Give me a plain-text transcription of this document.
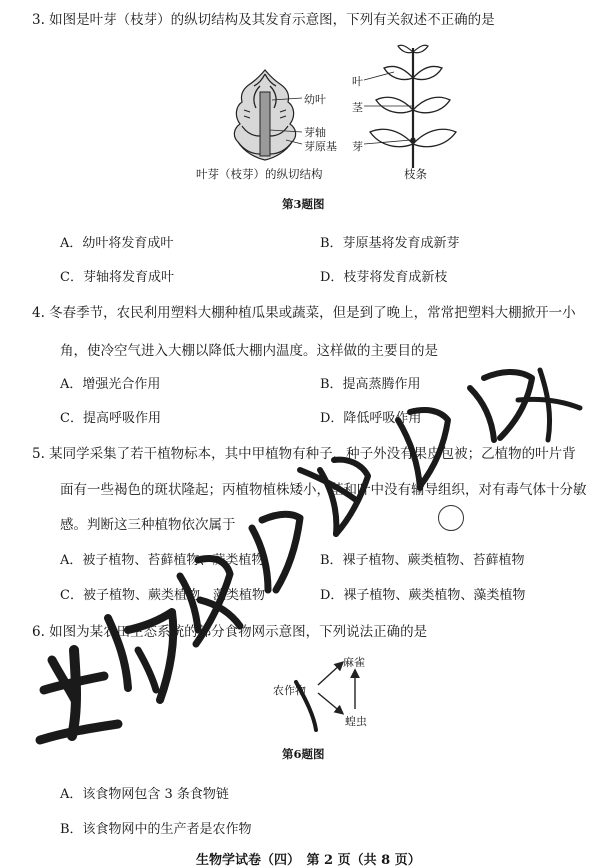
3. 如图是叶芽（枝芽）的纵切结构及其发育示意图，下列有关叙述不正确的是
幼叶
芽轴
芽原基
叶芽（枝芽）的纵切结构
叶
茎
芽
枝条
第3题图
A．幼叶将发育成叶	B．芽原基将发育成新芽
C．芽轴将发育成叶	D．枝芽将发育成新枝
4. 冬春季节，农民利用塑料大棚种植瓜果或蔬菜，但是到了晚上，常常把塑料大棚掀开一小
角，使冷空气进入大棚以降低大棚内温度。这样做的主要目的是
A．增强光合作用	B．提高蒸腾作用
C．提高呼吸作用	D．降低呼吸作用
5. 某同学采集了若干植物标本，其中甲植物有种子，种子外没有果皮包被；乙植物的叶片背
面有一些褐色的斑状隆起；丙植物植株矮小，茎和叶中没有输导组织，对有毒气体十分敏
感。判断这三种植物依次属于
A．被子植物、苔藓植物、蕨类植物	B．裸子植物、蕨类植物、苔藓植物
C．被子植物、蕨类植物、藻类植物	D．裸子植物、蕨类植物、藻类植物
6. 如图为某农田生态系统的部分食物网示意图，下列说法正确的是
农作物
麻雀
蝗虫
第6题图
A．该食物网包含 3 条食物链
B．该食物网中的生产者是农作物
生物学试卷（四）　第 2 页（共 8 页）
